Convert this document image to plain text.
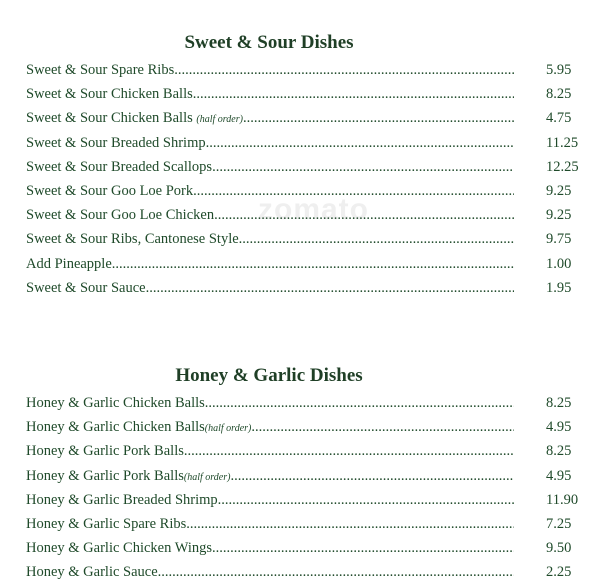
Sweet & Sour Dishes
Sweet & Sour Spare Ribs .....	5.95
Sweet & Sour Chicken Balls .....	8.25
Sweet & Sour Chicken Balls (half order) .....	4.75
Sweet & Sour Breaded Shrimp .....	11.25
Sweet & Sour Breaded Scallops .....	12.25
Sweet & Sour Goo Loe Pork .....	9.25
Sweet & Sour Goo Loe Chicken .....	9.25
Sweet & Sour Ribs, Cantonese Style .....	9.75
Add Pineapple .....	1.00
Sweet & Sour Sauce .....	1.95
zomato
Honey & Garlic Dishes
Honey & Garlic Chicken Balls .....	8.25
Honey & Garlic Chicken Balls(half order) .....	4.95
Honey & Garlic Pork Balls .....	8.25
Honey & Garlic Pork Balls(half order) .....	4.95
Honey & Garlic Breaded Shrimp .....	11.90
Honey & Garlic Spare Ribs .....	7.25
Honey & Garlic Chicken Wings .....	9.50
Honey & Garlic Sauce .....	2.25
